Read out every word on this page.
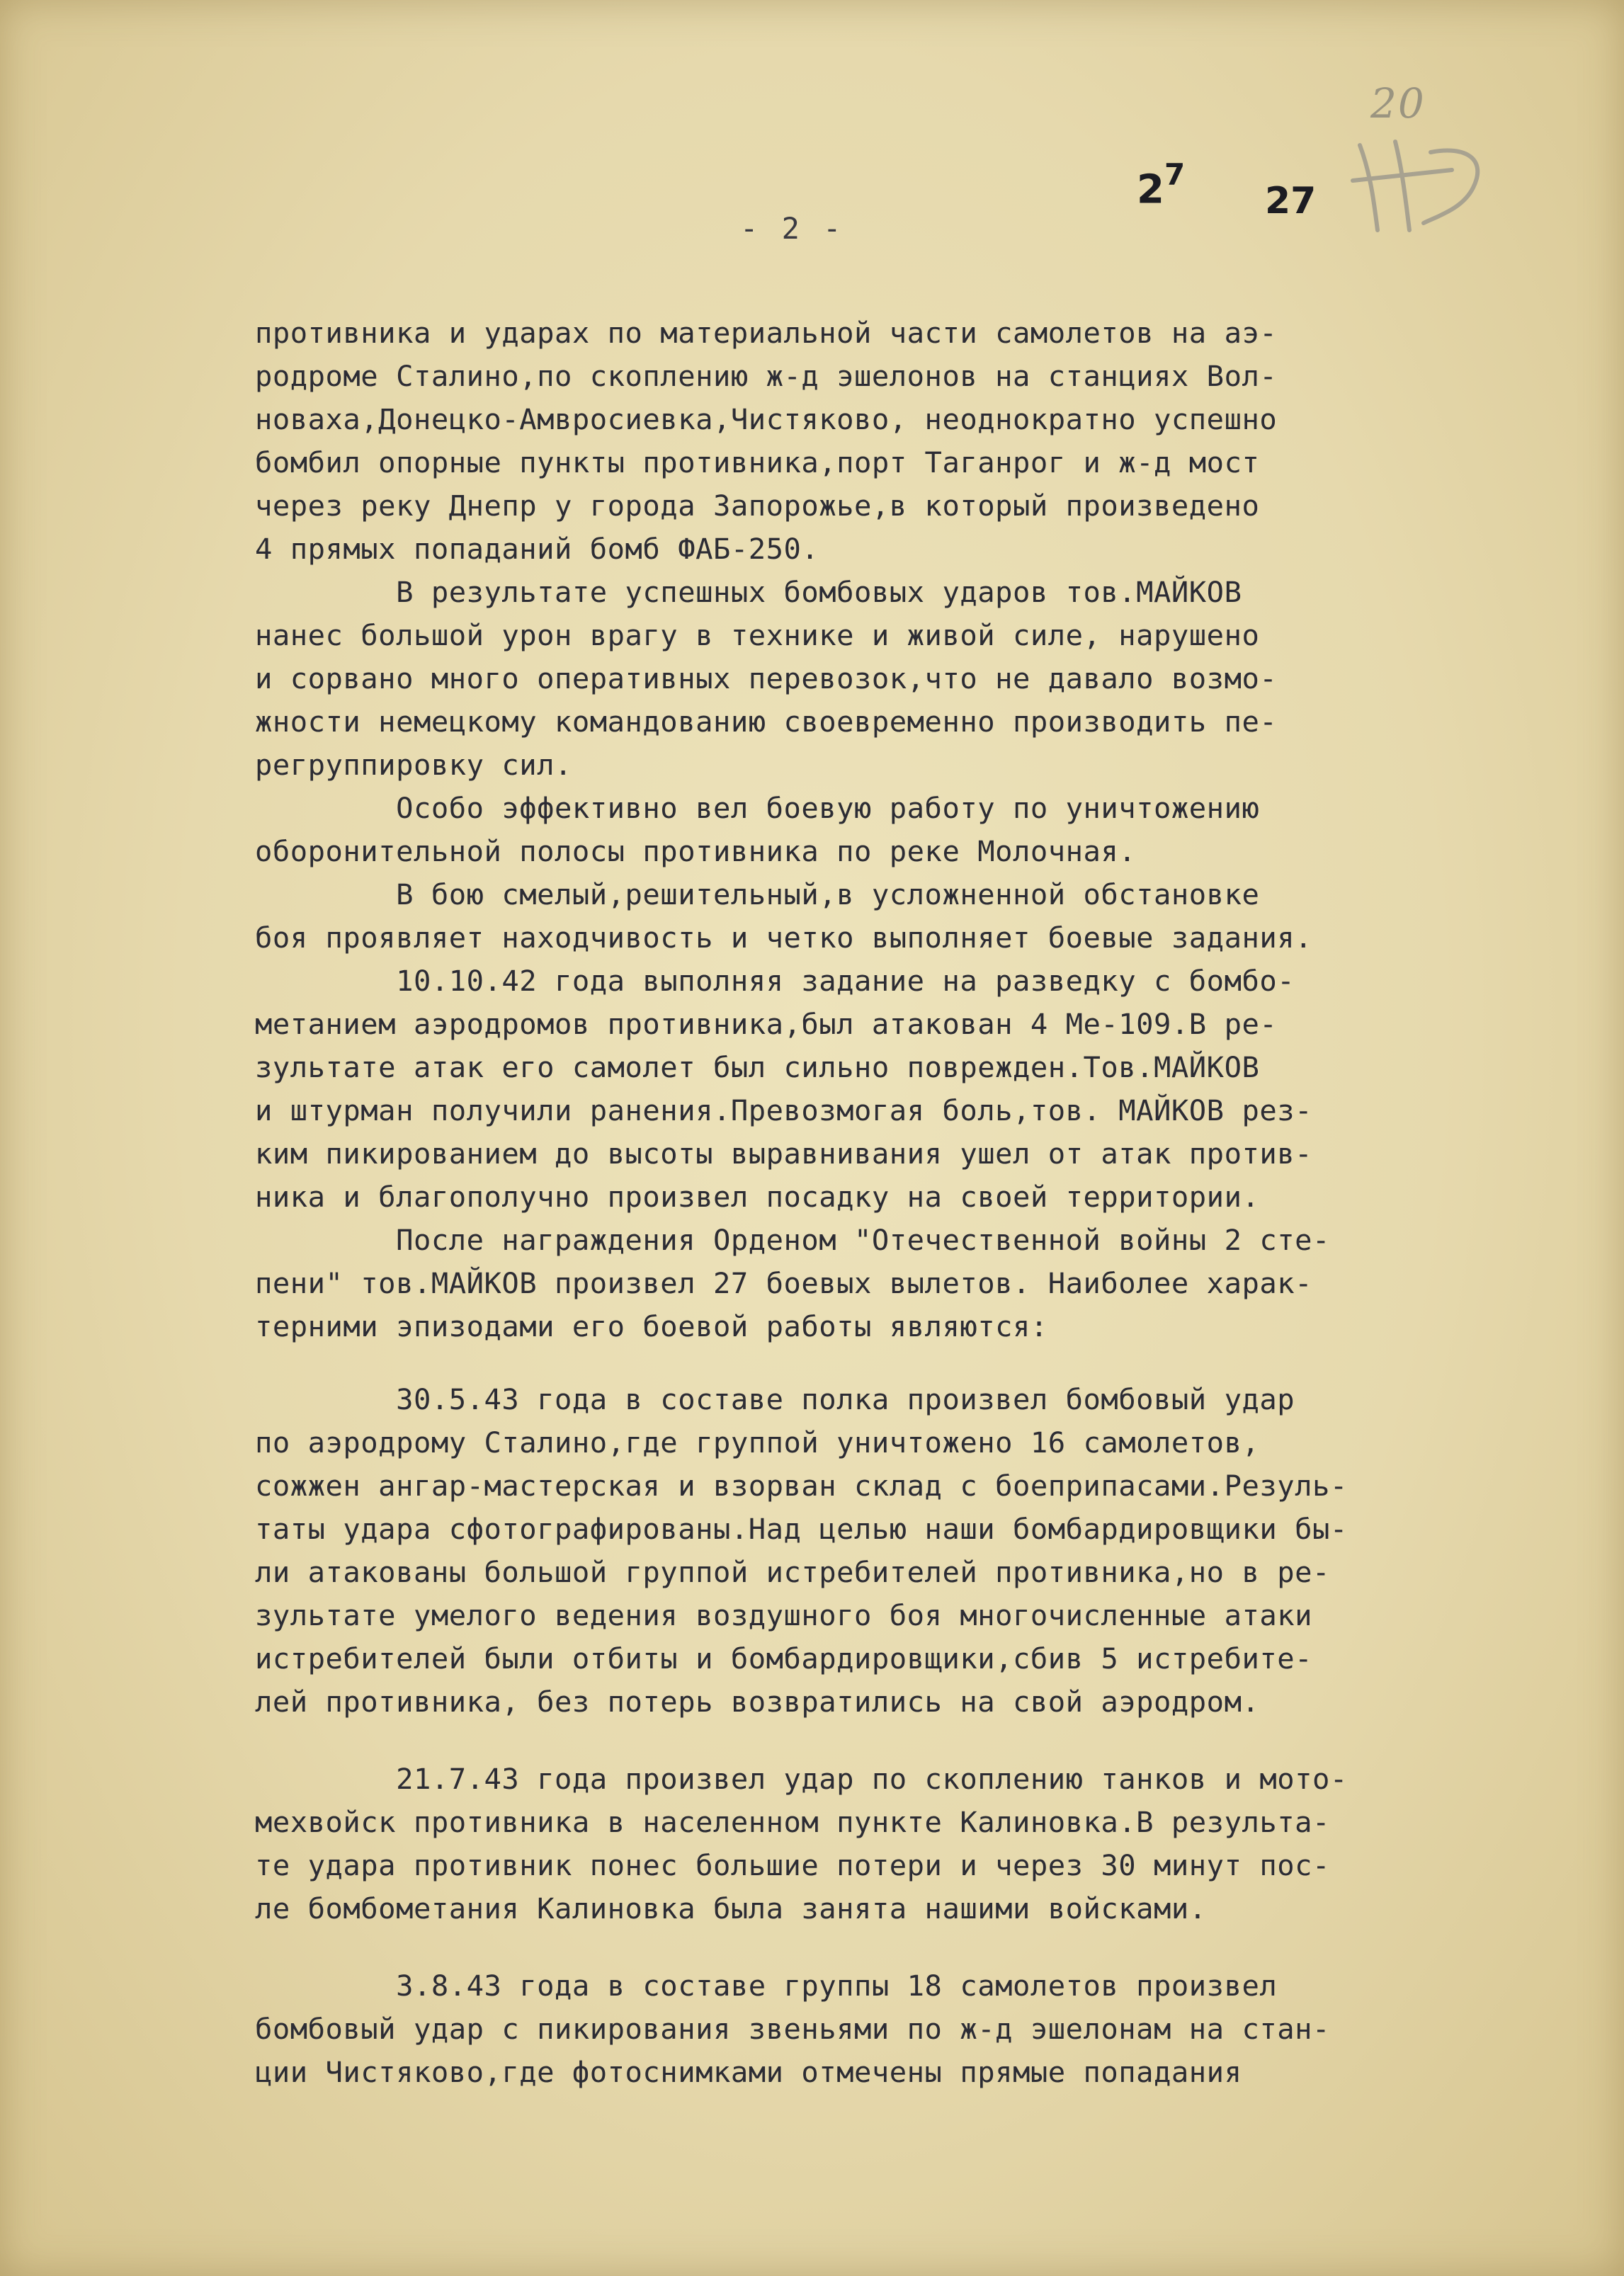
20
$2^7$
27
- 2 -
противника и ударах по материальной части самолетов на аэ-
родроме Сталино,по скоплению ж-д эшелонов на станциях Вол-
новаха,Донецко-Амвросиевка,Чистяково, неоднократно успешно
бомбил опорные пункты противника,порт Таганрог и ж-д мост
через реку Днепр у города Запорожье,в который произведено
4 прямых попаданий бомб ФАБ-250.
В результате успешных бомбовых ударов тов.МАЙКОВ
нанес большой урон врагу в технике и живой силе, нарушено
и сорвано много оперативных перевозок,что не давало возмо-
жности немецкому командованию своевременно производить пе-
регруппировку сил.
Особо эффективно вел боевую работу по уничтожению
оборонительной полосы противника по реке Молочная.
В бою смелый,решительный,в усложненной обстановке
боя проявляет находчивость и четко выполняет боевые задания.
10.10.42 года выполняя задание на разведку с бомбо-
метанием аэродромов противника,был атакован 4 Ме-109.В ре-
зультате атак его самолет был сильно поврежден.Тов.МАЙКОВ
и штурман получили ранения.Превозмогая боль,тов. МАЙКОВ рез-
ким пикированием до высоты выравнивания ушел от атак против-
ника и благополучно произвел посадку на своей территории.
После награждения Орденом "Отечественной войны 2 сте-
пени" тов.МАЙКОВ произвел 27 боевых вылетов. Наиболее харак-
терними эпизодами его боевой работы являются:
30.5.43 года в составе полка произвел бомбовый удар
по аэродрому Сталино,где группой уничтожено 16 самолетов,
сожжен ангар-мастерская и взорван склад с боеприпасами.Резуль-
таты удара сфотографированы.Над целью наши бомбардировщики бы-
ли атакованы большой группой истребителей противника,но в ре-
зультате умелого ведения воздушного боя многочисленные атаки
истребителей были отбиты и бомбардировщики,сбив 5 истребите-
лей противника, без потерь возвратились на свой аэродром.
21.7.43 года произвел удар по скоплению танков и мото-
мехвойск противника в населенном пункте Калиновка.В результа-
те удара противник понес большие потери и через 30 минут пос-
ле бомбометания Калиновка была занята нашими войсками.
3.8.43 года в составе группы 18 самолетов произвел
бомбовый удар с пикирования звеньями по ж-д эшелонам на стан-
ции Чистяково,где фотоснимками отмечены прямые попадания
